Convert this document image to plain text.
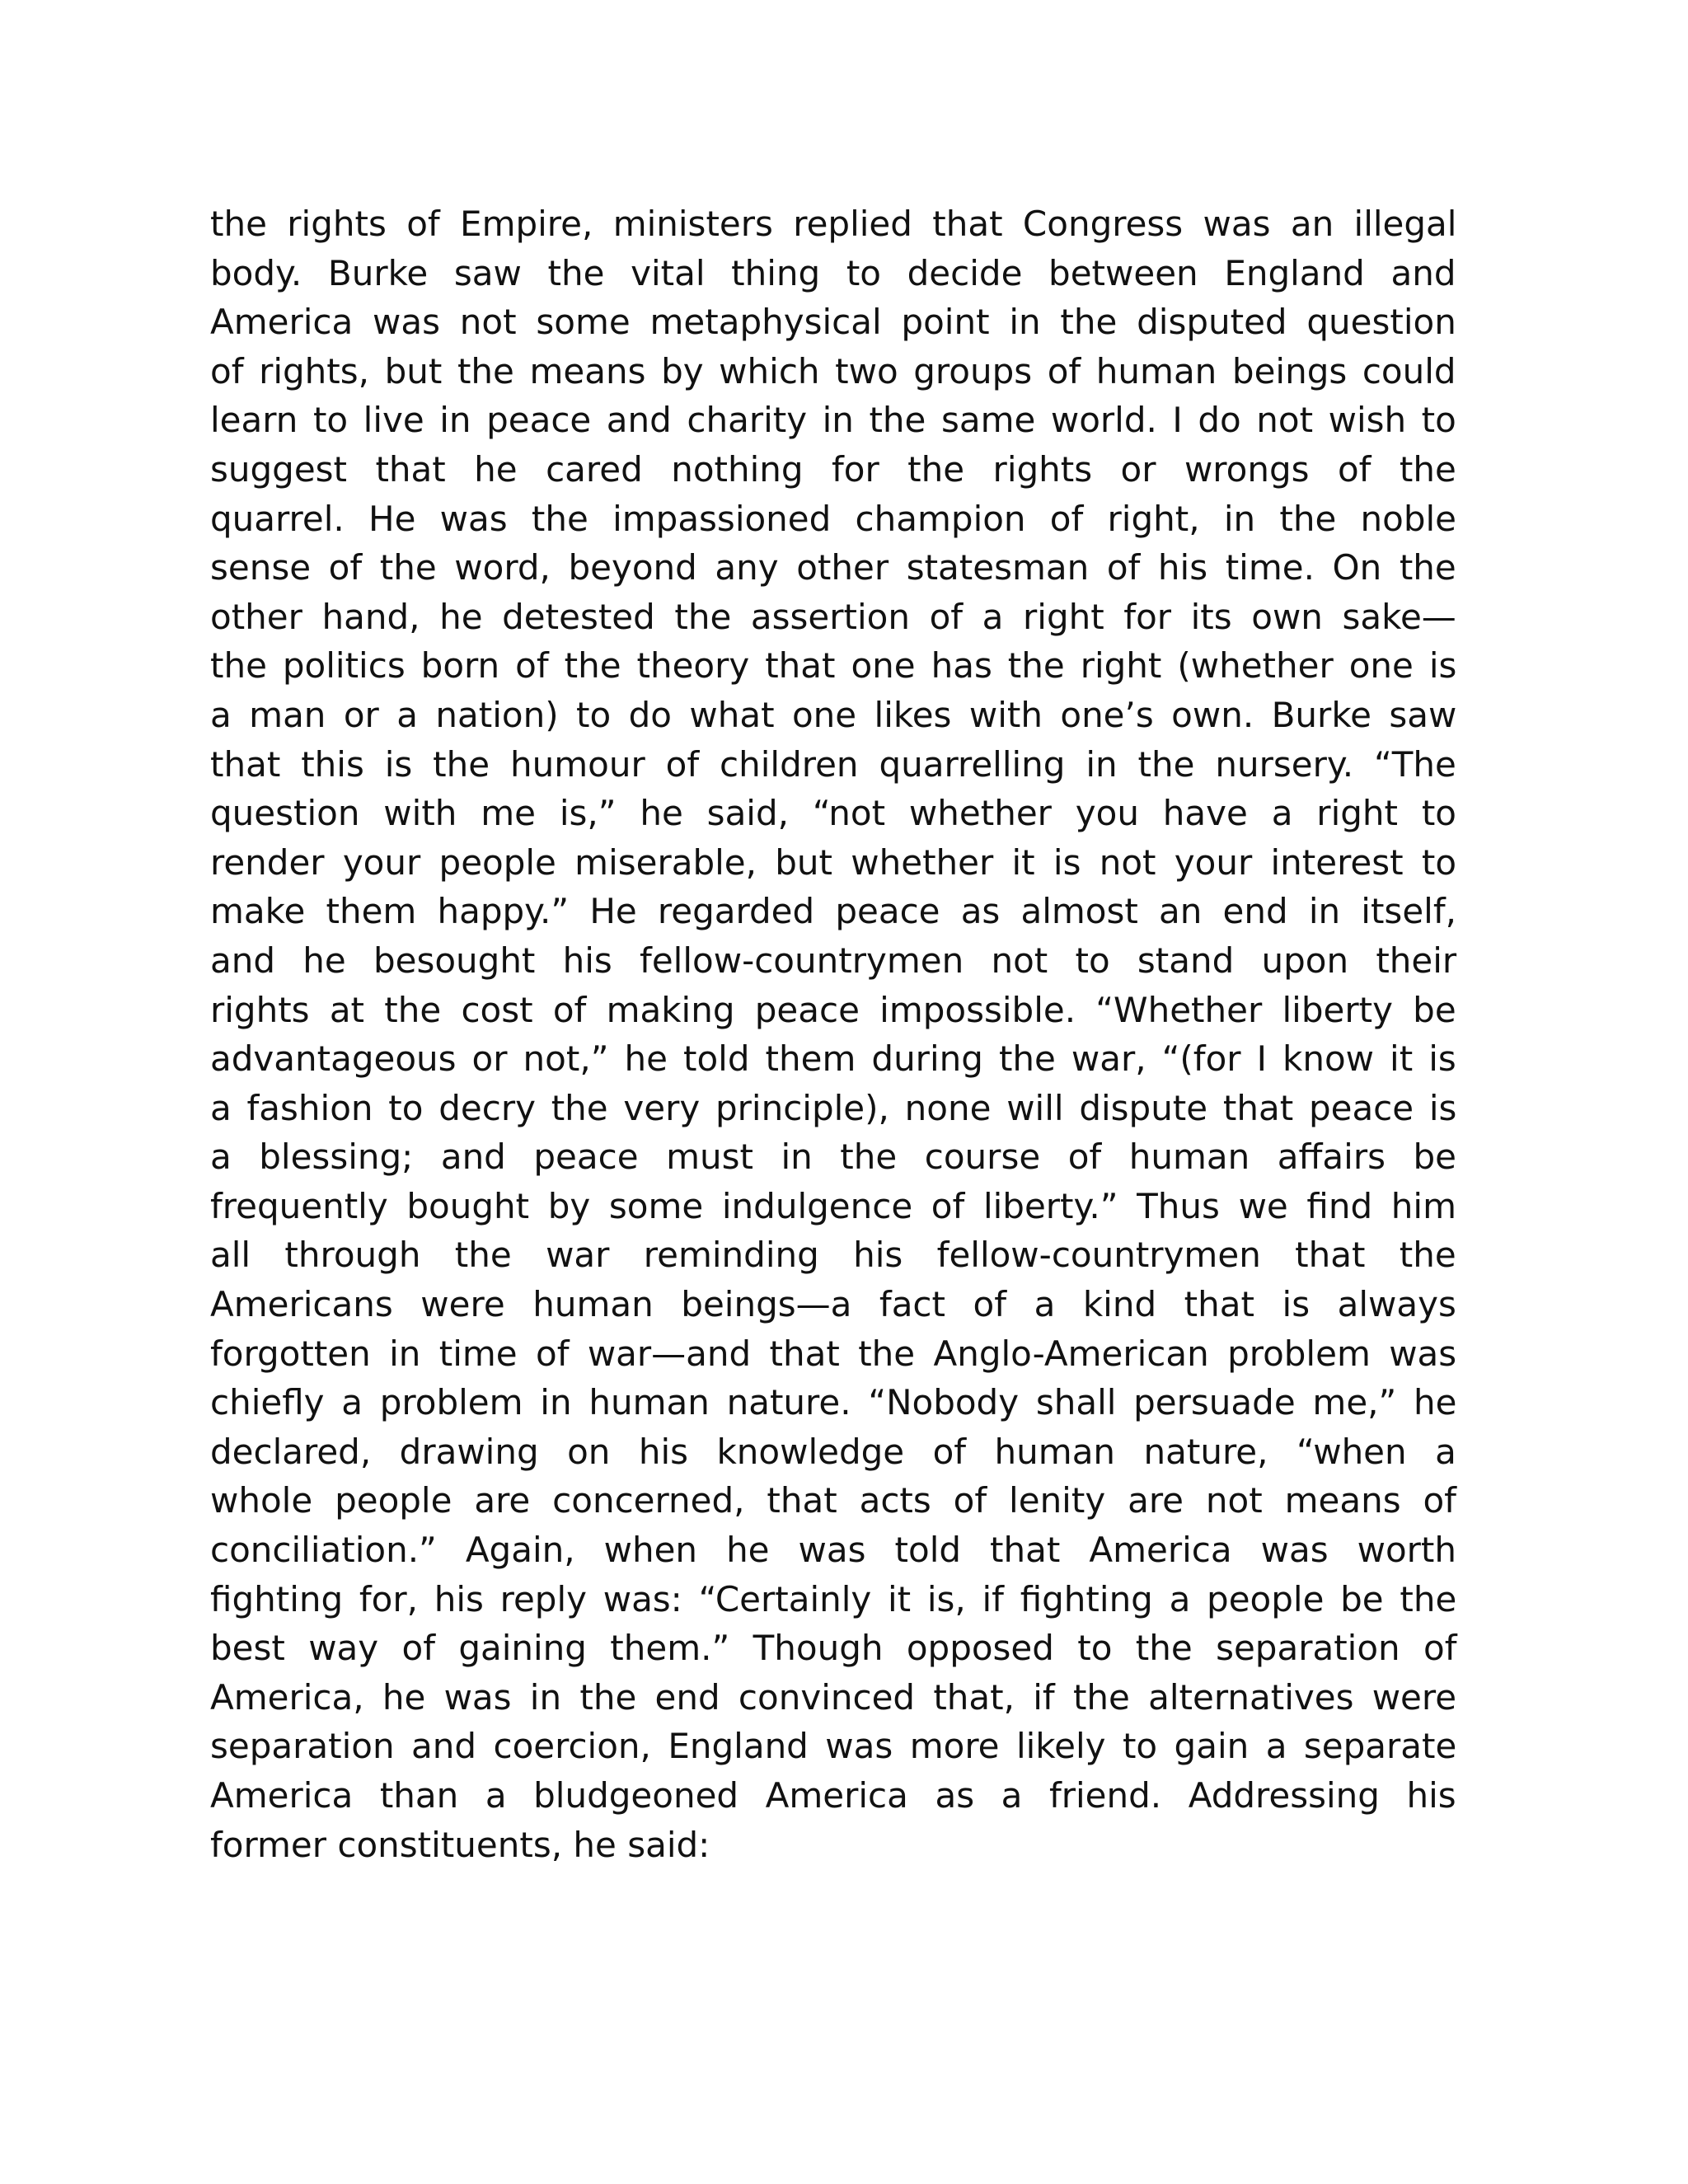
the rights of Empire, ministers replied that Congress was an illegal
body. Burke saw the vital thing to decide between England and
America was not some metaphysical point in the disputed question
of rights, but the means by which two groups of human beings could
learn to live in peace and charity in the same world. I do not wish to
suggest that he cared nothing for the rights or wrongs of the
quarrel. He was the impassioned champion of right, in the noble
sense of the word, beyond any other statesman of his time. On the
other hand, he detested the assertion of a right for its own sake—
the politics born of the theory that one has the right (whether one is
a man or a nation) to do what one likes with one’s own. Burke saw
that this is the humour of children quarrelling in the nursery. “The
question with me is,” he said, “not whether you have a right to
render your people miserable, but whether it is not your interest to
make them happy.” He regarded peace as almost an end in itself,
and he besought his fellow-countrymen not to stand upon their
rights at the cost of making peace impossible. “Whether liberty be
advantageous or not,” he told them during the war, “(for I know it is
a fashion to decry the very principle), none will dispute that peace is
a blessing; and peace must in the course of human affairs be
frequently bought by some indulgence of liberty.” Thus we find him
all through the war reminding his fellow-countrymen that the
Americans were human beings—a fact of a kind that is always
forgotten in time of war—and that the Anglo-American problem was
chiefly a problem in human nature. “Nobody shall persuade me,” he
declared, drawing on his knowledge of human nature, “when a
whole people are concerned, that acts of lenity are not means of
conciliation.” Again, when he was told that America was worth
fighting for, his reply was: “Certainly it is, if fighting a people be the
best way of gaining them.” Though opposed to the separation of
America, he was in the end convinced that, if the alternatives were
separation and coercion, England was more likely to gain a separate
America than a bludgeoned America as a friend. Addressing his
former constituents, he said:
